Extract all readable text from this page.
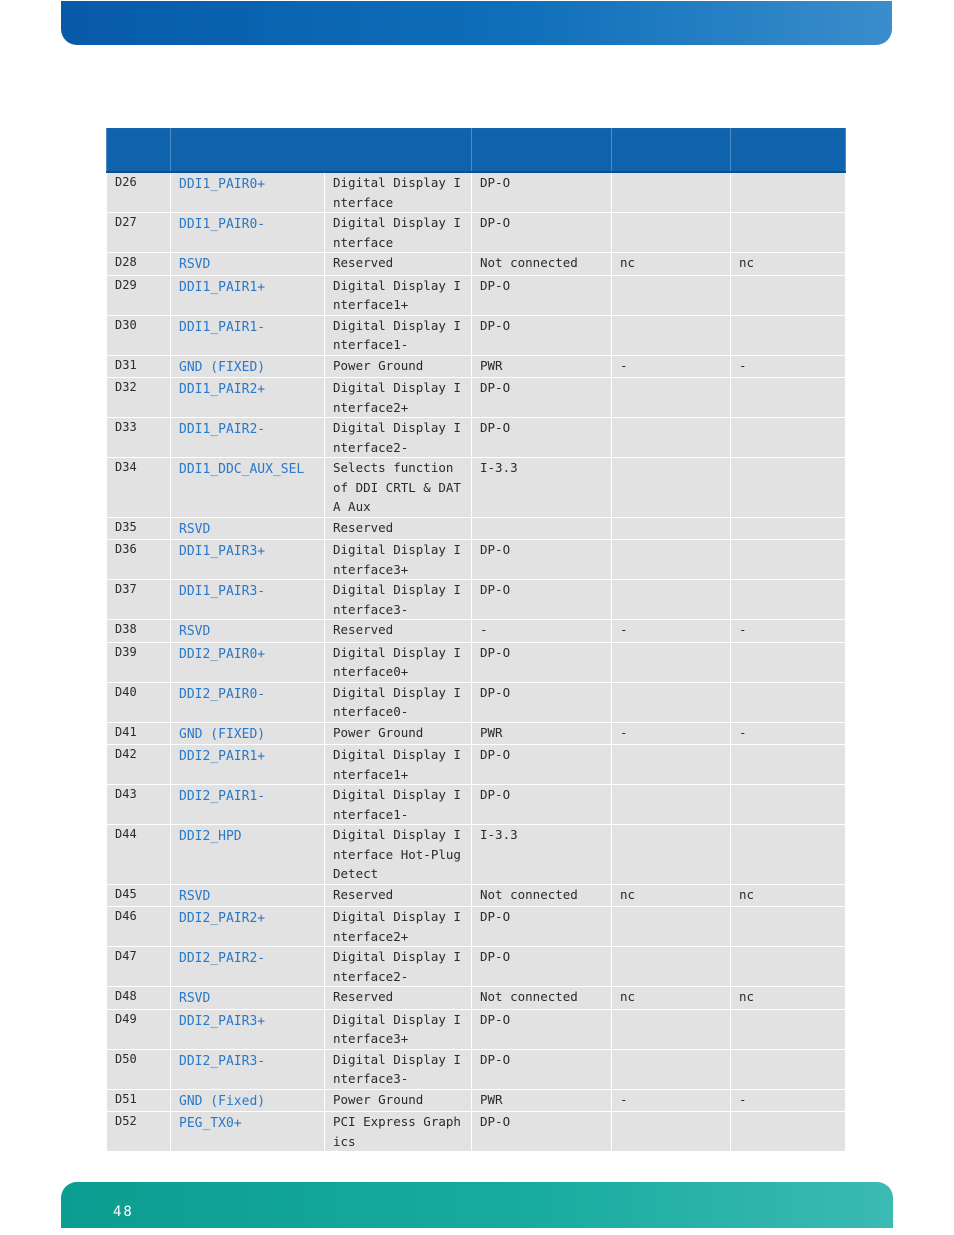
D26	DDI1_PAIR0+	Digital Display Interface	DP-O		
D27	DDI1_PAIR0-	Digital Display Interface	DP-O		
D28	RSVD	Reserved	Not connected	nc	nc
D29	DDI1_PAIR1+	Digital Display Interface1+	DP-O		
D30	DDI1_PAIR1-	Digital Display Interface1-	DP-O		
D31	GND (FIXED)	Power Ground	PWR	-	-
D32	DDI1_PAIR2+	Digital Display Interface2+	DP-O		
D33	DDI1_PAIR2-	Digital Display Interface2-	DP-O		
D34	DDI1_DDC_AUX_SEL	Selects function of DDI CRTL & DATA Aux	I-3.3		
D35	RSVD	Reserved			
D36	DDI1_PAIR3+	Digital Display Interface3+	DP-O		
D37	DDI1_PAIR3-	Digital Display Interface3-	DP-O		
D38	RSVD	Reserved	-	-	-
D39	DDI2_PAIR0+	Digital Display Interface0+	DP-O		
D40	DDI2_PAIR0-	Digital Display Interface0-	DP-O		
D41	GND (FIXED)	Power Ground	PWR	-	-
D42	DDI2_PAIR1+	Digital Display Interface1+	DP-O		
D43	DDI2_PAIR1-	Digital Display Interface1-	DP-O		
D44	DDI2_HPD	Digital Display Interface Hot-Plug Detect	I-3.3		
D45	RSVD	Reserved	Not connected	nc	nc
D46	DDI2_PAIR2+	Digital Display Interface2+	DP-O		
D47	DDI2_PAIR2-	Digital Display Interface2-	DP-O		
D48	RSVD	Reserved	Not connected	nc	nc
D49	DDI2_PAIR3+	Digital Display Interface3+	DP-O		
D50	DDI2_PAIR3-	Digital Display Interface3-	DP-O		
D51	GND (Fixed)	Power Ground	PWR	-	-
D52	PEG_TX0+	PCI Express Graphics	DP-O		
48
